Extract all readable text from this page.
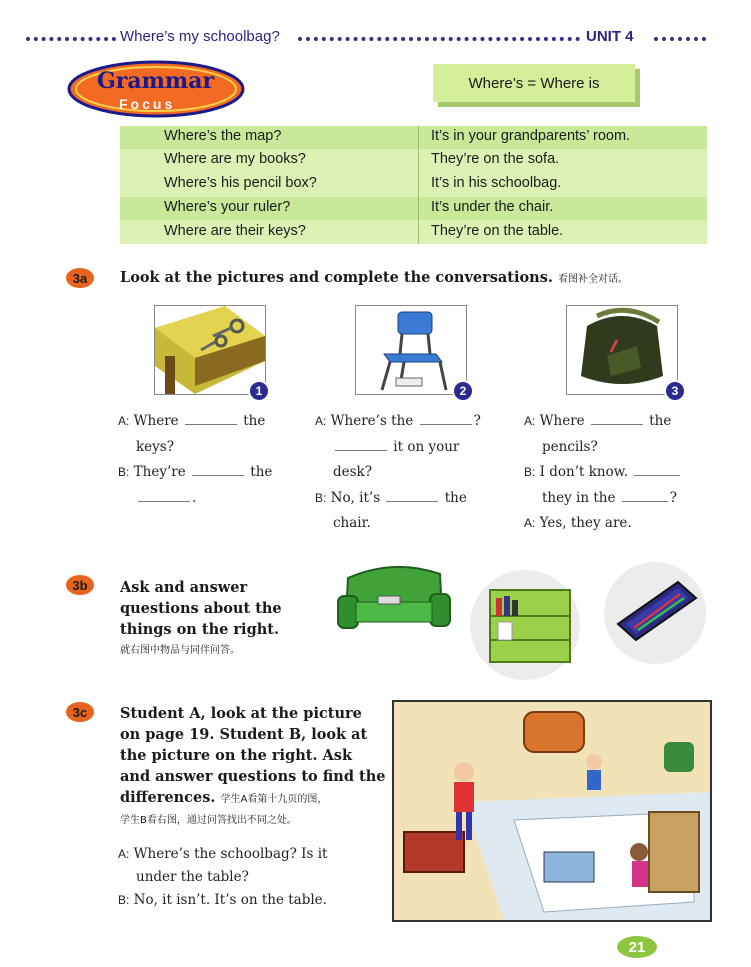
Where’s my schoolbag?	UNIT 4
Grammar
Focus
Where’s = Where is
Where’s the map?	It’s in your grandparents’ room.
Where are my books?	They’re on the sofa.
Where’s his pencil box?	It’s in his schoolbag.
Where’s your ruler?	It’s under the chair.
Where are their keys?	They’re on the table.
3a	Look at the pictures and complete the conversations. 看图补全对话。
1	2	3
A: Where	the
keys?
B: They’re	the
.
A: Where’s the	?
it on your
desk?
B: No, it’s	the
chair.
A: Where	the
pencils?
B: I don’t know.
they in the	?
A: Yes, they are.
3b	Ask and answer
questions about the
things on the right.
就右图中物品与同伴问答。
3c	Student A, look at the picture
on page 19. Student B, look at
the picture on the right. Ask
and answer questions to find the
differences. 学生A看第十九页的图，
学生B看右图，通过问答找出不同之处。
A: Where’s the schoolbag? Is it
under the table?
B: No, it isn’t. It’s on the table.
21
